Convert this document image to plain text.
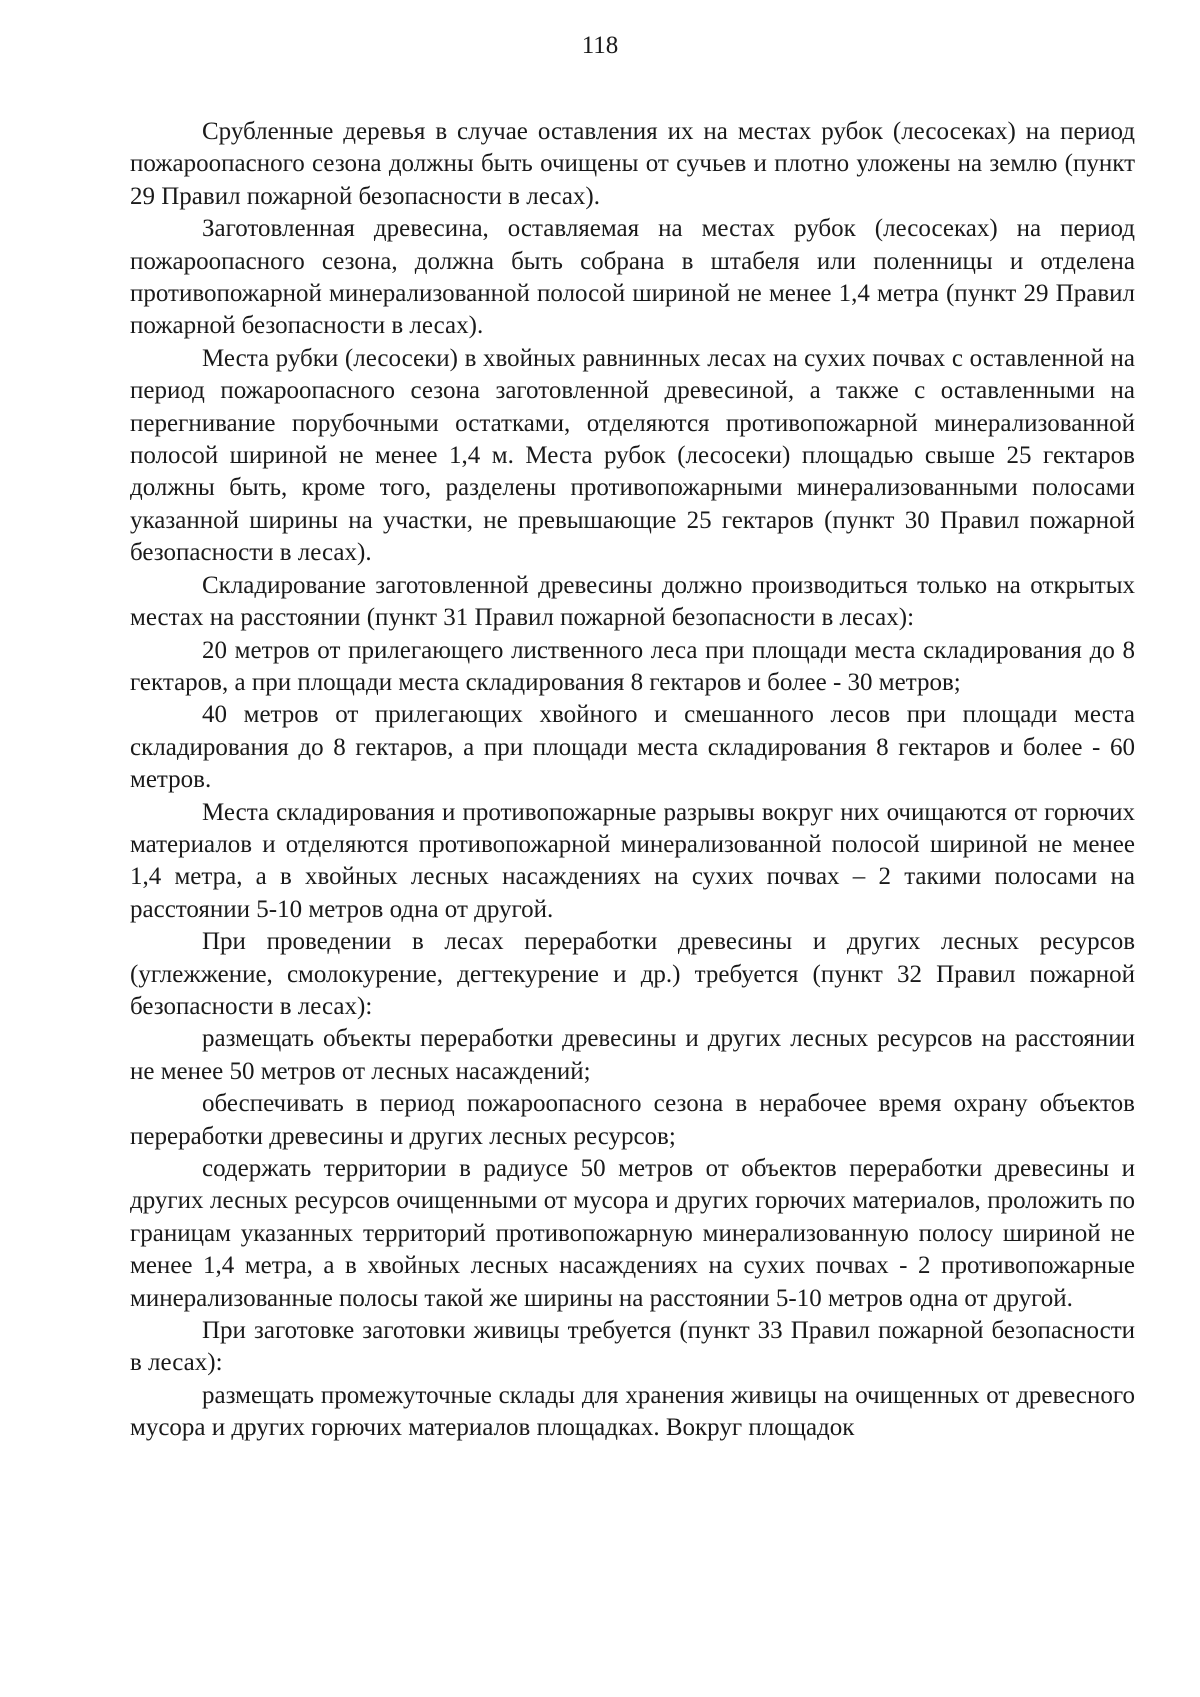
118

Срубленные деревья в случае оставления их на местах рубок (лесосеках) на период пожароопасного сезона должны быть очищены от сучьев и плотно уложены на землю (пункт 29 Правил пожарной безопасности в лесах).

Заготовленная древесина, оставляемая на местах рубок (лесосеках) на период пожароопасного сезона, должна быть собрана в штабеля или поленницы и отделена противопожарной минерализованной полосой шириной не менее 1,4 метра (пункт 29 Правил пожарной безопасности в лесах).

Места рубки (лесосеки) в хвойных равнинных лесах на сухих почвах с оставленной на период пожароопасного сезона заготовленной древесиной, а также с оставленными на перегнивание порубочными остатками, отделяются противопожарной минерализованной полосой шириной не менее 1,4 м. Места рубок (лесосеки) площадью свыше 25 гектаров должны быть, кроме того, разделены противопожарными минерализованными полосами указанной ширины на участки, не превышающие 25 гектаров (пункт 30 Правил пожарной безопасности в лесах).

Складирование заготовленной древесины должно производиться только на открытых местах на расстоянии (пункт 31 Правил пожарной безопасности в лесах):

20 метров от прилегающего лиственного леса при площади места складирования до 8 гектаров, а при площади места складирования 8 гектаров и более - 30 метров;

40 метров от прилегающих хвойного и смешанного лесов при площади места складирования до 8 гектаров, а при площади места складирования 8 гектаров и более - 60 метров.

Места складирования и противопожарные разрывы вокруг них очищаются от горючих материалов и отделяются противопожарной минерализованной полосой шириной не менее 1,4 метра, а в хвойных лесных насаждениях на сухих почвах – 2 такими полосами на расстоянии 5-10 метров одна от другой.

При проведении в лесах переработки древесины и других лесных ресурсов (углежжение, смолокурение, дегтекурение и др.) требуется (пункт 32 Правил пожарной безопасности в лесах):

размещать объекты переработки древесины и других лесных ресурсов на расстоянии не менее 50 метров от лесных насаждений;

обеспечивать в период пожароопасного сезона в нерабочее время охрану объектов переработки древесины и других лесных ресурсов;

содержать территории в радиусе 50 метров от объектов переработки древесины и других лесных ресурсов очищенными от мусора и других горючих материалов, проложить по границам указанных территорий противопожарную минерализованную полосу шириной не менее 1,4 метра, а в хвойных лесных насаждениях на сухих почвах - 2 противопожарные минерализованные полосы такой же ширины на расстоянии 5-10 метров одна от другой.

При заготовке заготовки живицы требуется (пункт 33 Правил пожарной безопасности в лесах):

размещать промежуточные склады для хранения живицы на очищенных от древесного мусора и других горючих материалов площадках. Вокруг площадок
